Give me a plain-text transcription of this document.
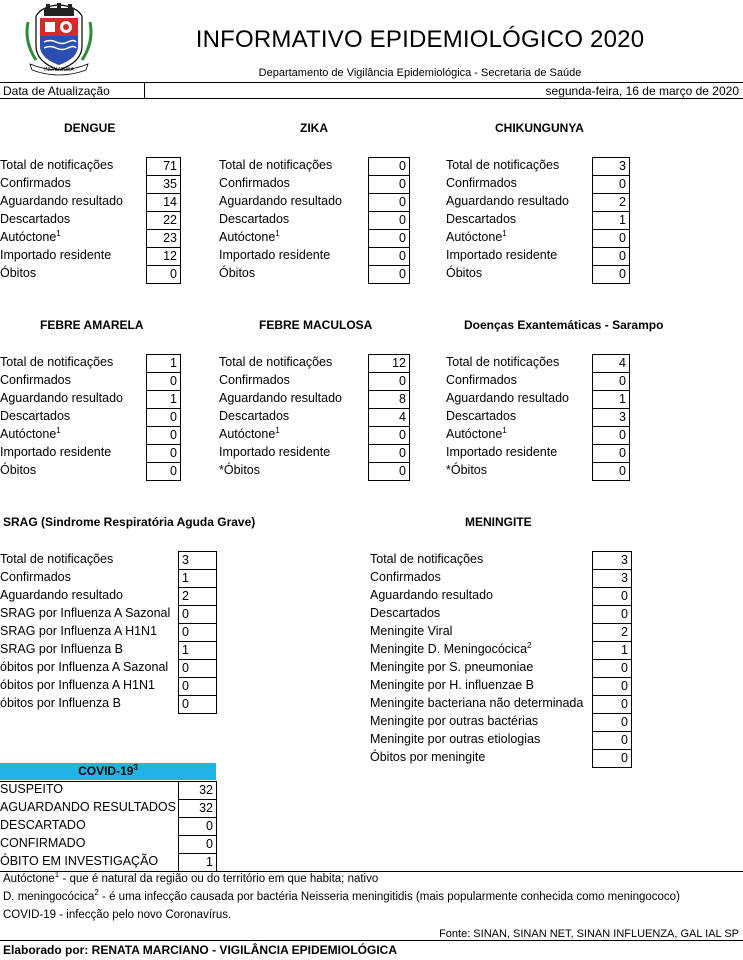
INDAIATUBA
INFORMATIVO EPIDEMIOLÓGICO 2020
Departamento de Vigilância Epidemiológica - Secretaria de Saúde
Data de Atualização	segunda-feira, 16 de março de 2020
DENGUE
Total de notificações	71
Confirmados	35
Aguardando resultado	14
Descartados	22
Autóctone$^1$	23
Importado residente	12
Óbitos	0
ZIKA
Total de notificações	0
Confirmados	0
Aguardando resultado	0
Descartados	0
Autóctone$^1$	0
Importado residente	0
Óbitos	0
CHIKUNGUNYA
Total de notificações	3
Confirmados	0
Aguardando resultado	2
Descartados	1
Autóctone$^1$	0
Importado residente	0
Óbitos	0
FEBRE AMARELA
Total de notificações	1
Confirmados	0
Aguardando resultado	1
Descartados	0
Autóctone$^1$	0
Importado residente	0
Óbitos	0
FEBRE MACULOSA
Total de notificações	12
Confirmados	0
Aguardando resultado	8
Descartados	4
Autóctone$^1$	0
Importado residente	0
*Óbitos	0
Doenças Exantemáticas - Sarampo
Total de notificações	4
Confirmados	0
Aguardando resultado	1
Descartados	3
Autóctone$^1$	0
Importado residente	0
*Óbitos	0
SRAG (Sindrome Respiratória Aguda Grave)
Total de notificações	3
Confirmados	1
Aguardando resultado	2
SRAG por Influenza A Sazonal 0
SRAG por Influenza A H1N1	0
SRAG por Influenza B	1
óbitos por Influenza A Sazonal	0
óbitos por Influenza A H1N1	0
óbitos por Influenza B	0
MENINGITE
Total de notificações	3
Confirmados	3
Aguardando resultado	0
Descartados	0
Meningite Viral	2
Meningite D. Meningocócica$^2$	1
Meningite por S. pneumoniae	0
Meningite por H. influenzae B	0
Meningite bacteriana não determinada	0
Meningite por outras bactérias	0
Meningite por outras etiologias	0
Óbitos por meningite	0
COVID-$19^3$
SUSPEITO	32
AGUARDANDO RESULTADOS	32
DESCARTADO	0
CONFIRMADO	0
ÓBITO EM INVESTIGAÇÃO	1
Autóctone$^1$ - que é natural da região ou do território em que habita; nativo
D. meningocócica$^2$ - é uma infecção causada por bactéria Neisseria meningitidis (mais popularmente conhecida como meningococo)
COVID-19 - infecção pelo novo Coronavírus.
Fonte: SINAN, SINAN NET, SINAN INFLUENZA, GAL IAL SP
Elaborado por: RENATA MARCIANO - VIGILÂNCIA EPIDEMIOLÓGICA
